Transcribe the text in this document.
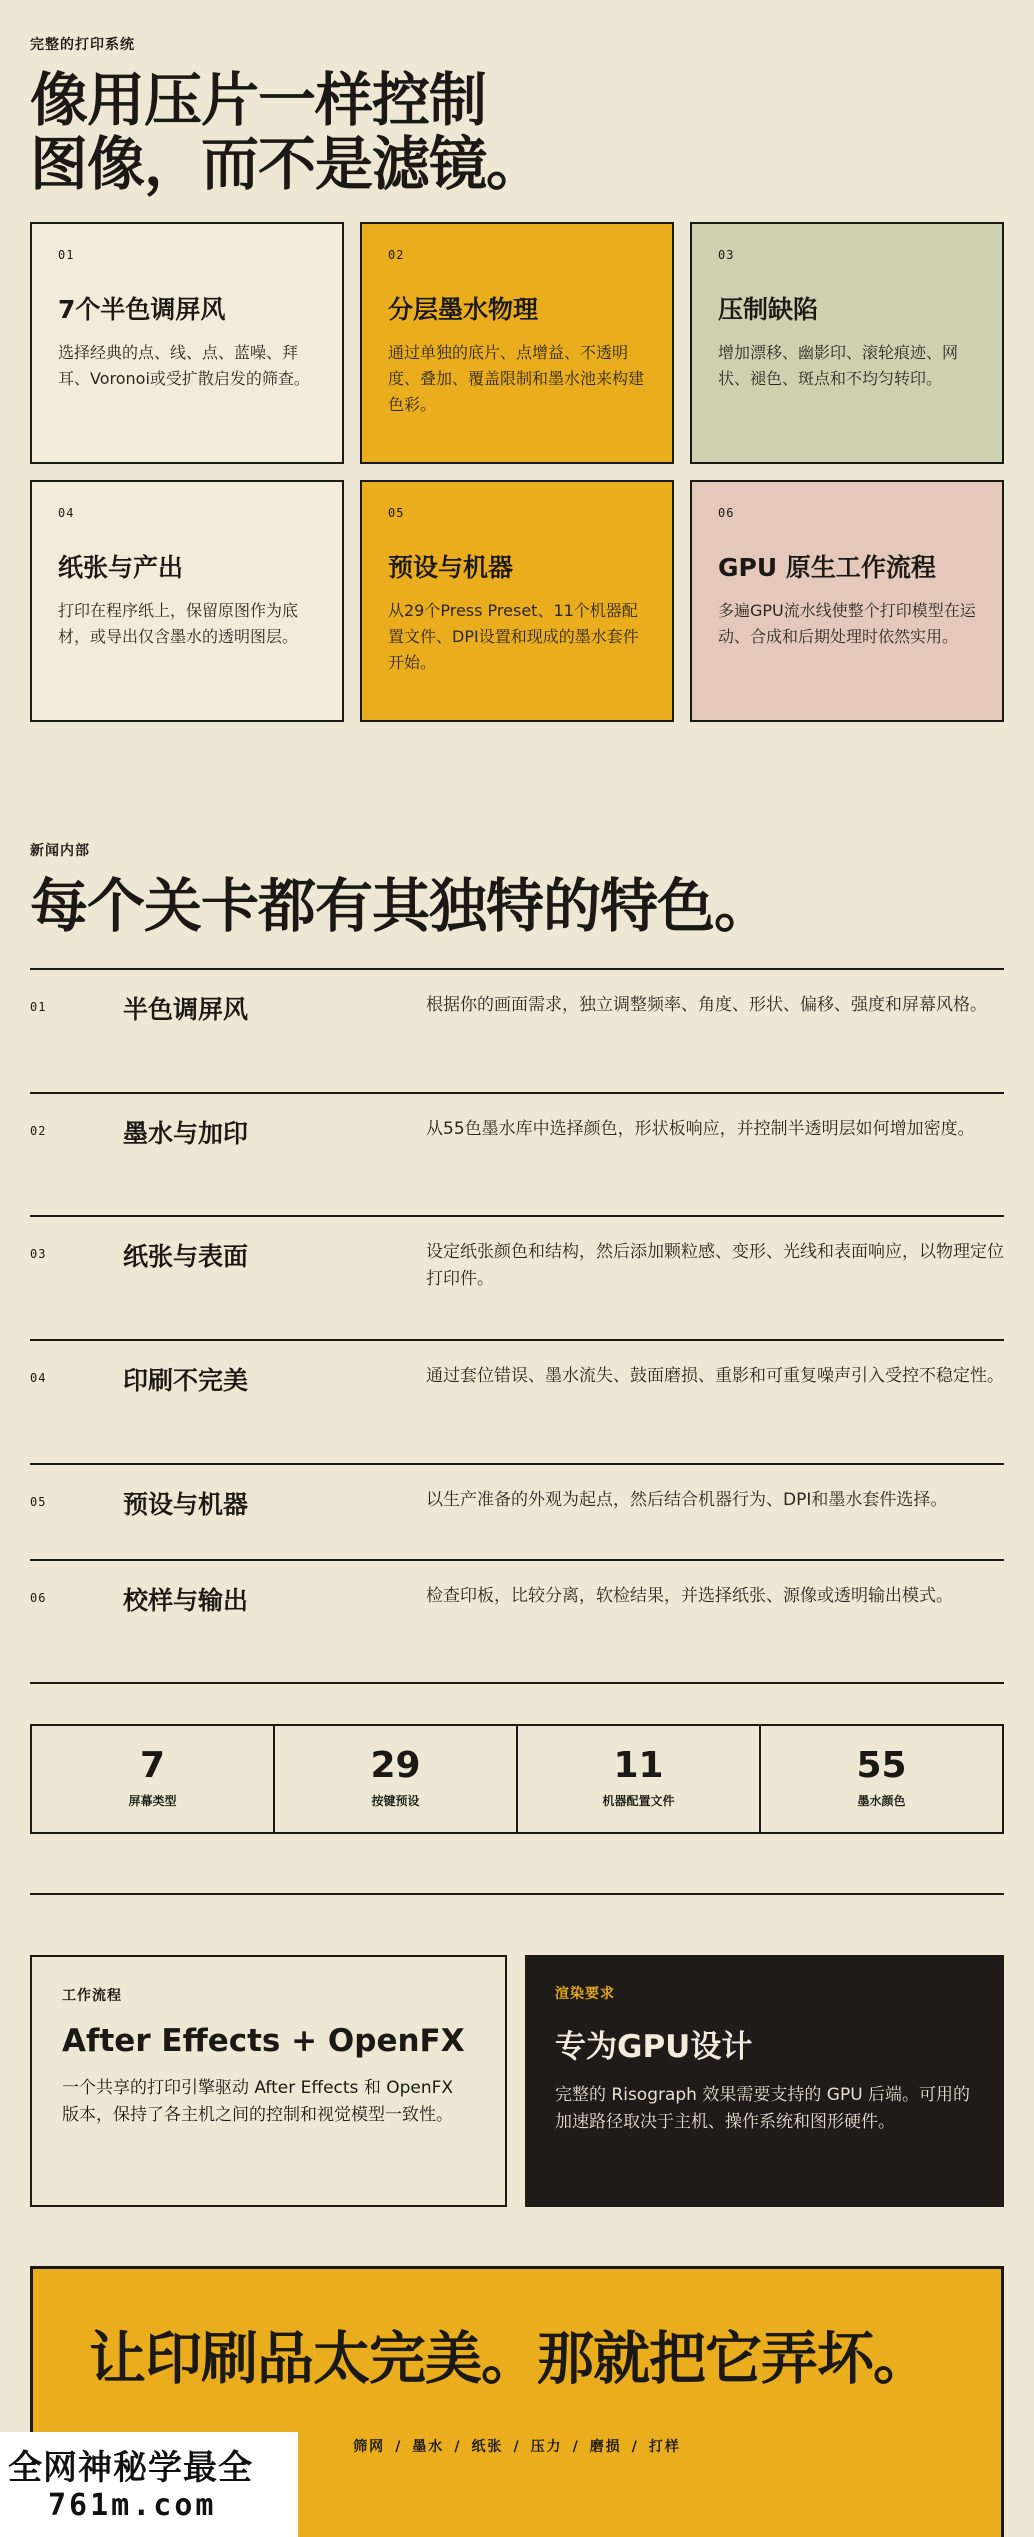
完整的打印系统
像用压片一样控制
图像，而不是滤镜。
01
7个半色调屏风
选择经典的点、线、点、蓝噪、拜耳、Voronoi或受扩散启发的筛查。
02
分层墨水物理
通过单独的底片、点增益、不透明度、叠加、覆盖限制和墨水池来构建色彩。
03
压制缺陷
增加漂移、幽影印、滚轮痕迹、网状、褪色、斑点和不均匀转印。
04
纸张与产出
打印在程序纸上，保留原图作为底材，或导出仅含墨水的透明图层。
05
预设与机器
从29个Press Preset、11个机器配置文件、DPI设置和现成的墨水套件开始。
06
GPU 原生工作流程
多遍GPU流水线使整个打印模型在运动、合成和后期处理时依然实用。
新闻内部
每个关卡都有其独特的特色。
01	半色调屏风	根据你的画面需求，独立调整频率、角度、形状、偏移、强度和屏幕风格。
02	墨水与加印	从55色墨水库中选择颜色，形状板响应，并控制半透明层如何增加密度。
03	纸张与表面	设定纸张颜色和结构，然后添加颗粒感、变形、光线和表面响应，以物理定位打印件。
04	印刷不完美	通过套位错误、墨水流失、鼓面磨损、重影和可重复噪声引入受控不稳定性。
05	预设与机器	以生产准备的外观为起点，然后结合机器行为、DPI和墨水套件选择。
06	校样与输出	检查印板，比较分离，软检结果，并选择纸张、源像或透明输出模式。
7
屏幕类型
29
按键预设
11
机器配置文件
55
墨水颜色
工作流程
After Effects + OpenFX
一个共享的打印引擎驱动 After Effects 和 OpenFX 版本，保持了各主机之间的控制和视觉模型一致性。
渲染要求
专为GPU设计
完整的 Risograph 效果需要支持的 GPU 后端。可用的加速路径取决于主机、操作系统和图形硬件。
让印刷品太完美。那就把它弄坏。
筛网 / 墨水 / 纸张 / 压力 / 磨损 / 打样
全网神秘学最全
761m.com
